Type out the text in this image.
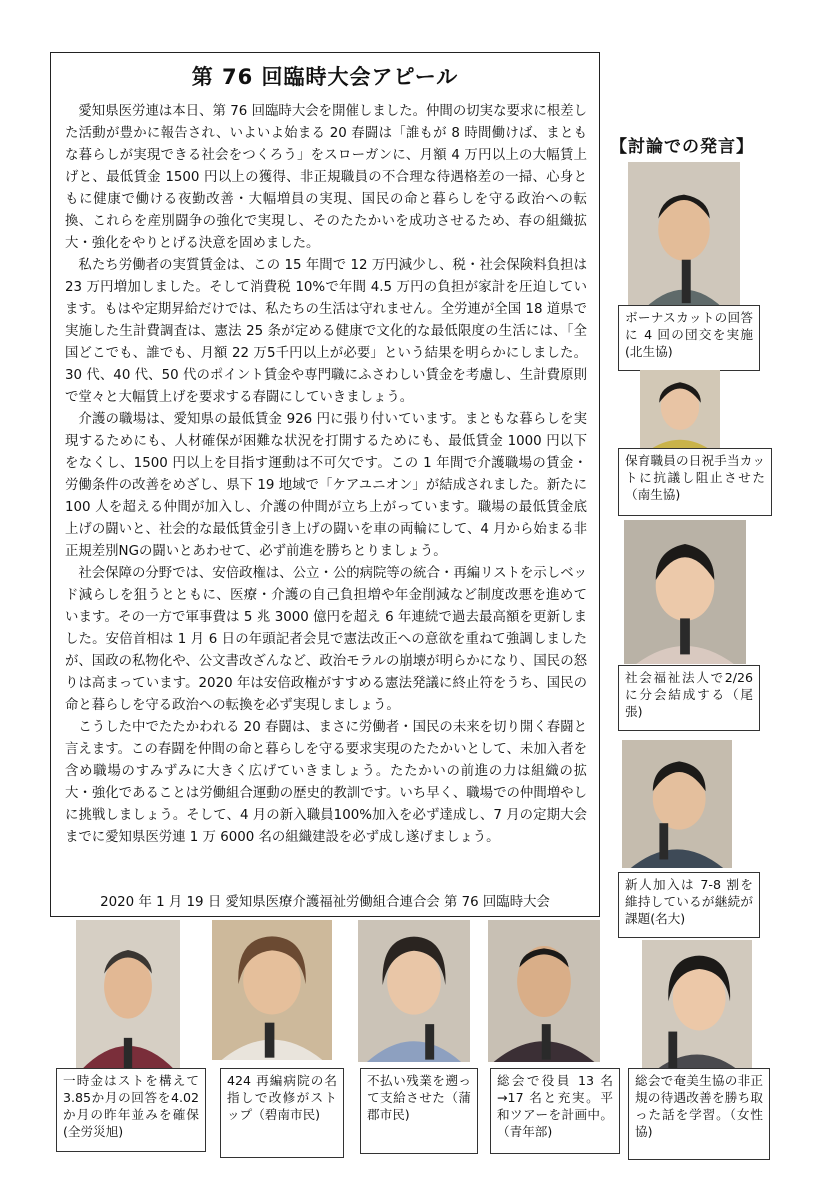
第 76 回臨時大会アピール

愛知県医労連は本日、第 76 回臨時大会を開催しました。仲間の切実な要求に根差した活動が豊かに報告され、いよいよ始まる 20 春闘は「誰もが 8 時間働けば、まともな暮らしが実現できる社会をつくろう」をスローガンに、月額 4 万円以上の大幅賃上げと、最低賃金 1500 円以上の獲得、非正規職員の不合理な待遇格差の一掃、心身ともに健康で働ける夜勤改善・大幅増員の実現、国民の命と暮らしを守る政治への転換、これらを産別闘争の強化で実現し、そのたたかいを成功させるため、春の組織拡大・強化をやりとげる決意を固めました。

私たち労働者の実質賃金は、この 15 年間で 12 万円減少し、税・社会保険料負担は 23 万円増加しました。そして消費税 10%で年間 4.5 万円の負担が家計を圧迫しています。もはや定期昇給だけでは、私たちの生活は守れません。全労連が全国 18 道県で実施した生計費調査は、憲法 25 条が定める健康で文化的な最低限度の生活には、「全国どこでも、誰でも、月額 22 万5千円以上が必要」という結果を明らかにしました。30 代、40 代、50 代のポイント賃金や専門職にふさわしい賃金を考慮し、生計費原則で堂々と大幅賃上げを要求する春闘にしていきましょう。

介護の職場は、愛知県の最低賃金 926 円に張り付いています。まともな暮らしを実現するためにも、人材確保が困難な状況を打開するためにも、最低賃金 1000 円以下をなくし、1500 円以上を目指す運動は不可欠です。この 1 年間で介護職場の賃金・労働条件の改善をめざし、県下 19 地域で「ケアユニオン」が結成されました。新たに 100 人を超える仲間が加入し、介護の仲間が立ち上がっています。職場の最低賃金底上げの闘いと、社会的な最低賃金引き上げの闘いを車の両輪にして、4 月から始まる非正規差別NGの闘いとあわせて、必ず前進を勝ちとりましょう。

社会保障の分野では、安倍政権は、公立・公的病院等の統合・再編リストを示しベッド減らしを狙うとともに、医療・介護の自己負担増や年金削減など制度改悪を進めています。その一方で軍事費は 5 兆 3000 億円を超え 6 年連続で過去最高額を更新しました。安倍首相は 1 月 6 日の年頭記者会見で憲法改正への意欲を重ねて強調しましたが、国政の私物化や、公文書改ざんなど、政治モラルの崩壊が明らかになり、国民の怒りは高まっています。2020 年は安倍政権がすすめる憲法発議に終止符をうち、国民の命と暮らしを守る政治への転換を必ず実現しましょう。

こうした中でたたかわれる 20 春闘は、まさに労働者・国民の未来を切り開く春闘と言えます。この春闘を仲間の命と暮らしを守る要求実現のたたかいとして、未加入者を含め職場のすみずみに大きく広げていきましょう。たたかいの前進の力は組織の拡大・強化であることは労働組合運動の歴史的教訓です。いち早く、職場での仲間増やしに挑戦しましょう。そして、4 月の新入職員100%加入を必ず達成し、7 月の定期大会までに愛知県医労連 1 万 6000 名の組織建設を必ず成し遂げましょう。

2020 年 1 月 19 日 愛知県医療介護福祉労働組合連合会 第 76 回臨時大会
【討論での発言】
ボーナスカットの回答に 4 回の団交を実施(北生協)
保育職員の日祝手当カットに抗議し阻止させた（南生協)
社会福祉法人で2/26に分会結成する（尾張)
新人加入は 7-8 割を維持しているが継続が課題(名大)
一時金はストを構えて3.85か月の回答を4.02か月の昨年並みを確保(全労災旭)
424 再編病院の名指しで改修がストップ（碧南市民)
不払い残業を遡って支給させた（蒲郡市民)
総会で役員 13 名→17 名と充実。平和ツアーを計画中。（青年部)
総会で奄美生協の非正規の待遇改善を勝ち取った話を学習。（女性協)
